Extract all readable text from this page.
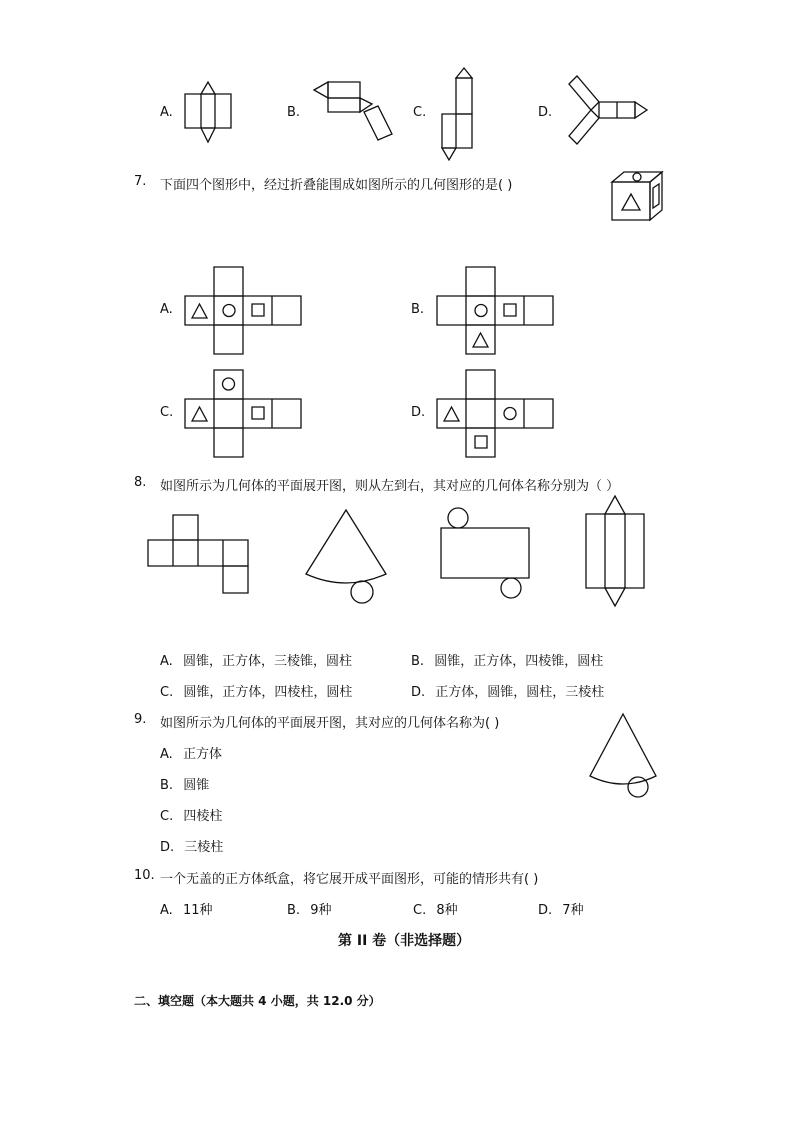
A.	B.	C.	D.
7. 下面四个图形中，经过折叠能围成如图所示的几何图形的是( )
A.	B.
C.	D.
8. 如图所示为几何体的平面展开图，则从左到右，其对应的几何体名称分别为（ ）
A. 圆锥，正方体，三棱锥，圆柱	B. 圆锥，正方体，四棱锥，圆柱
C. 圆锥，正方体，四棱柱，圆柱	D. 正方体，圆锥，圆柱，三棱柱
9. 如图所示为几何体的平面展开图，其对应的几何体名称为( )
A. 正方体
B. 圆锥
C. 四棱柱
D. 三棱柱
10. 一个无盖的正方体纸盒，将它展开成平面图形，可能的情形共有( )
A. 11种	B. 9种	C. 8种	D. 7种
第 II 卷（非选择题）
二、填空题（本大题共 4 小题，共 12.0 分）
